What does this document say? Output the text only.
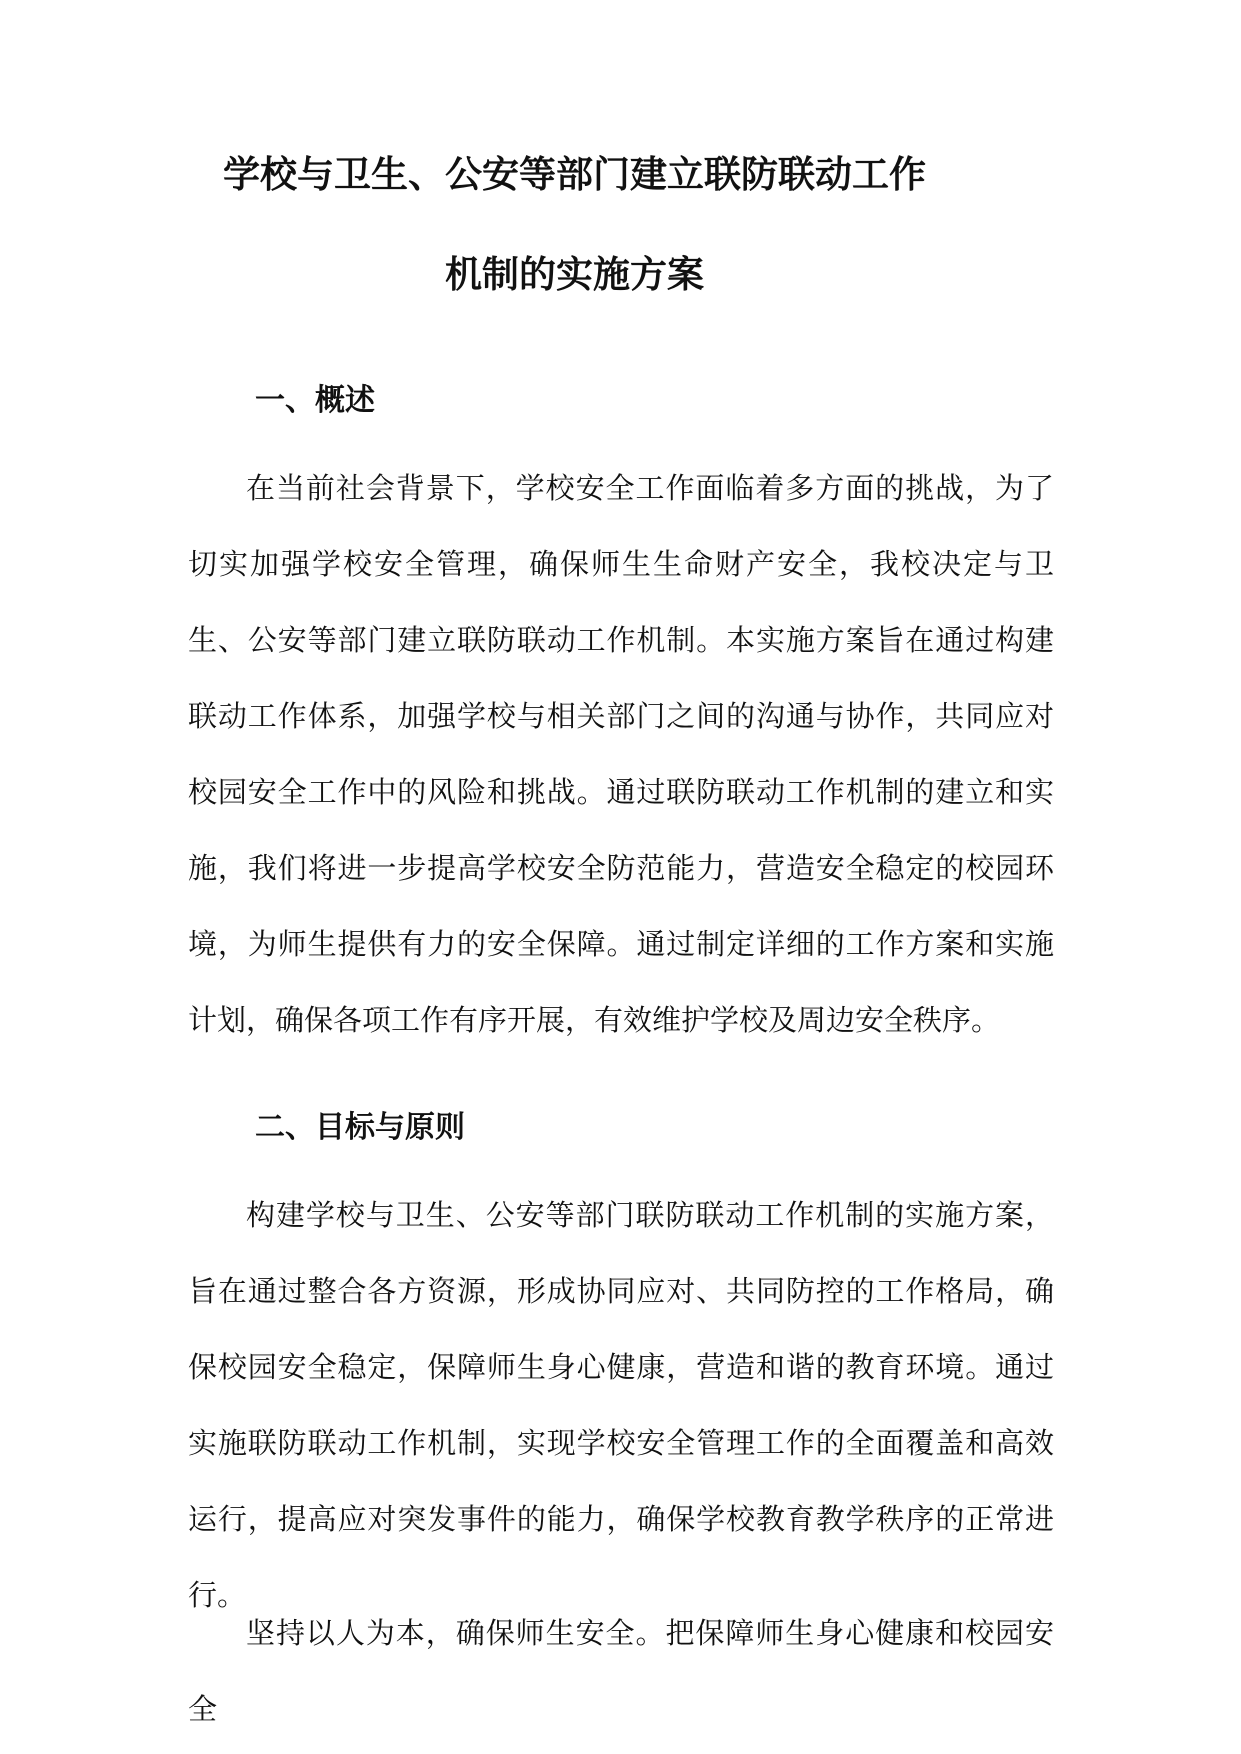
学校与卫生、公安等部门建立联防联动工作
机制的实施方案
一、概述

在当前社会背景下，学校安全工作面临着多方面的挑战，为了切实加强学校安全管理，确保师生生命财产安全，我校决定与卫生、公安等部门建立联防联动工作机制。本实施方案旨在通过构建联动工作体系，加强学校与相关部门之间的沟通与协作，共同应对校园安全工作中的风险和挑战。通过联防联动工作机制的建立和实施，我们将进一步提高学校安全防范能力，营造安全稳定的校园环境，为师生提供有力的安全保障。通过制定详细的工作方案和实施计划，确保各项工作有序开展，有效维护学校及周边安全秩序。

二、目标与原则

构建学校与卫生、公安等部门联防联动工作机制的实施方案，旨在通过整合各方资源，形成协同应对、共同防控的工作格局，确保校园安全稳定，保障师生身心健康，营造和谐的教育环境。通过实施联防联动工作机制，实现学校安全管理工作的全面覆盖和高效运行，提高应对突发事件的能力，确保学校教育教学秩序的正常进行。

坚持以人为本，确保师生安全。把保障师生身心健康和校园安全
